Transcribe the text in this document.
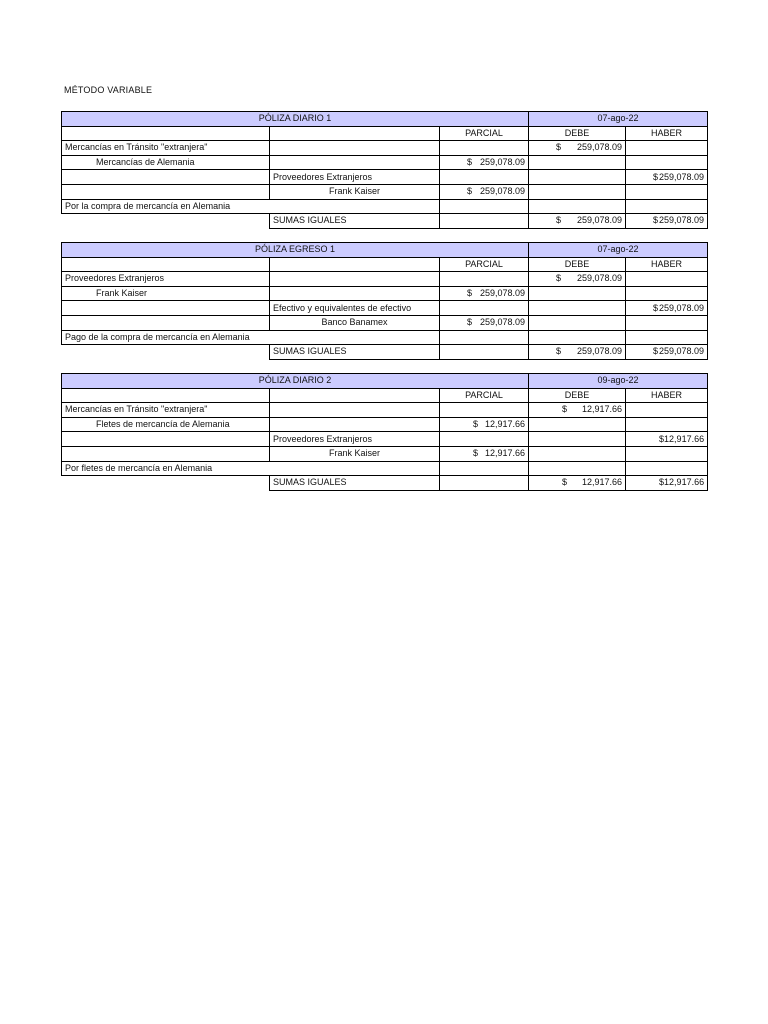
MÉTODO VARIABLE
PÓLIZA DIARIO 1			07-ago-22	
		PARCIAL	DEBE	HABER
Mercancías en Tránsito "extranjera"			$ 259,078.09	

Mercancías de Alemania		$ 259,078.09		

	Proveedores Extranjeros			$ 259,078.09

	Frank Kaiser	$ 259,078.09		

Por la compra de mercancía en Alemania				
	SUMAS IGUALES		$ 259,078.09	$ 259,078.09
PÓLIZA EGRESO 1			07-ago-22	
		PARCIAL	DEBE	HABER
Proveedores Extranjeros			$ 259,078.09	

Frank Kaiser		$ 259,078.09		

	Efectivo y equivalentes de efectivo			$ 259,078.09

	Banco Banamex	$ 259,078.09		

Pago de la compra de mercancía en Alemania				
	SUMAS IGUALES		$ 259,078.09	$ 259,078.09
PÓLIZA DIARIO 2			09-ago-22	
		PARCIAL	DEBE	HABER
Mercancías en Tránsito "extranjera"			$ 12,917.66	

Fletes de mercancía de Alemania		$ 12,917.66		

	Proveedores Extranjeros			$ 12,917.66

	Frank Kaiser	$ 12,917.66		

Por fletes de mercancía en Alemania				
	SUMAS IGUALES		$ 12,917.66	$ 12,917.66
